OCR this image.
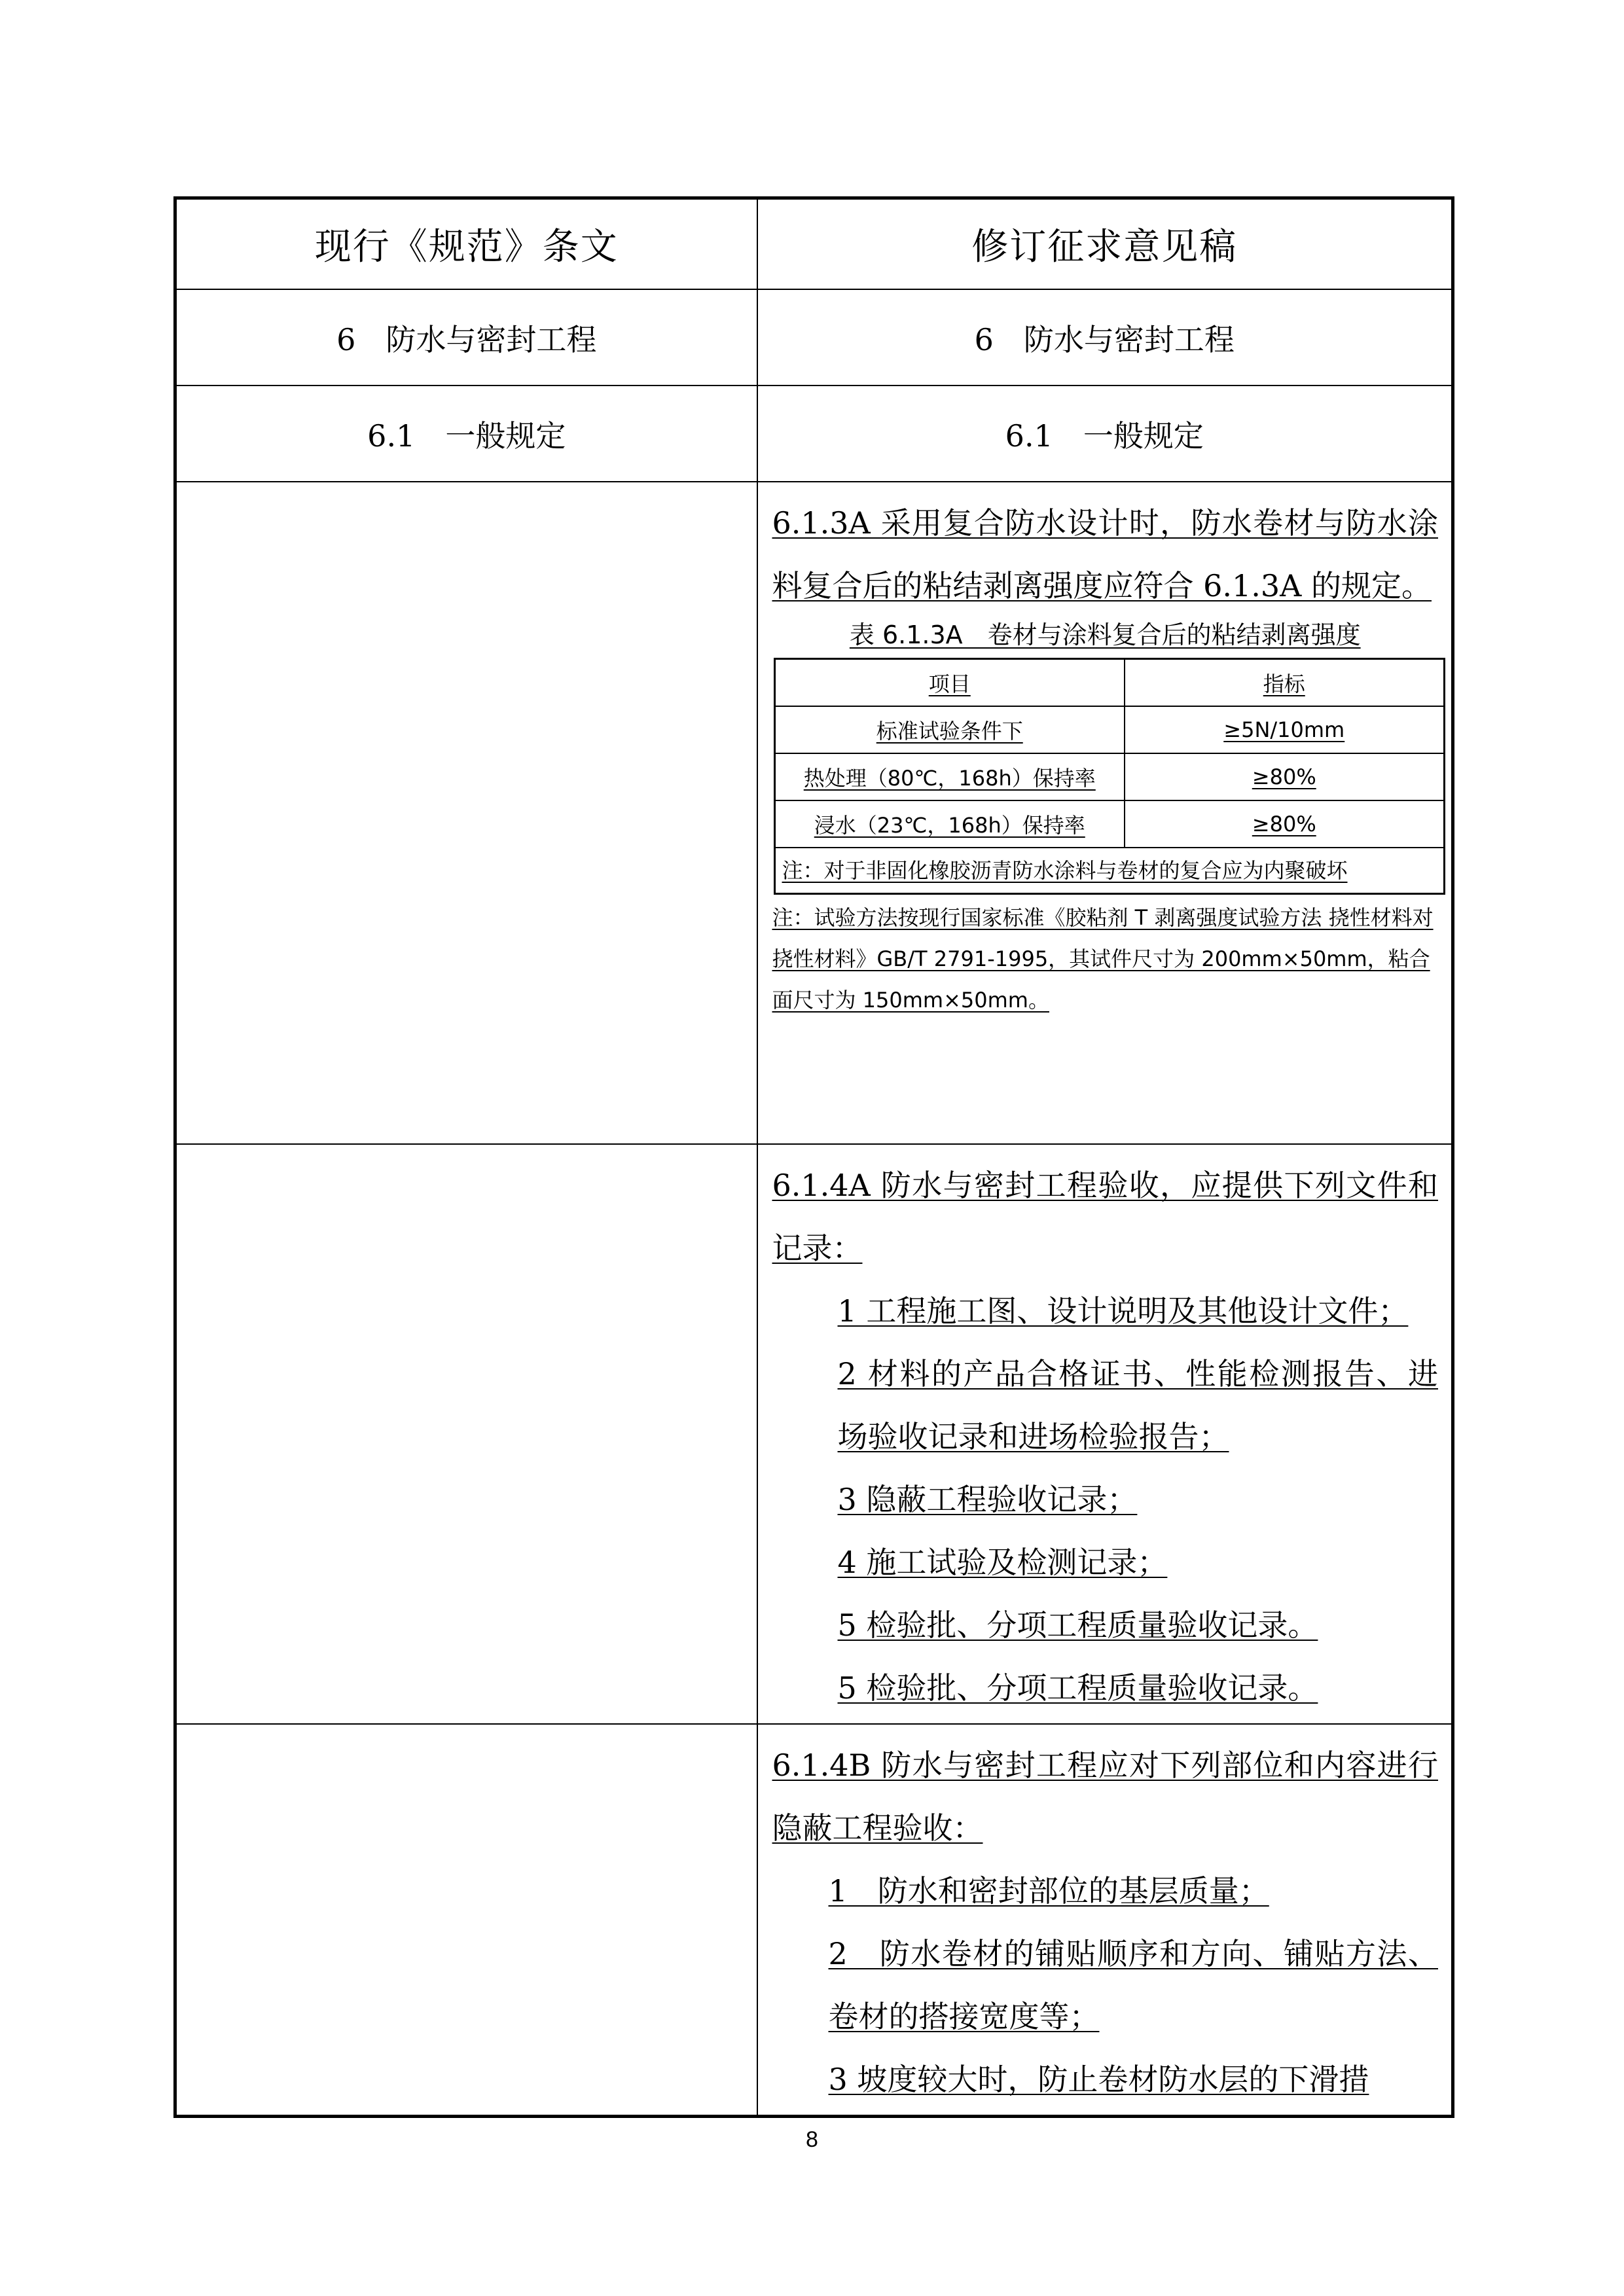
现行《规范》条文	修订征求意见稿
6　防水与密封工程	6　防水与密封工程
6.1　一般规定	6.1　一般规定

6.1.3A 采用复合防水设计时，防水卷材与防水涂料复合后的粘结剥离强度应符合 6.1.3A 的规定。

表 6.1.3A　卷材与涂料复合后的粘结剥离强度
项目	指标
标准试验条件下	≥5N/10mm
热处理（80℃，168h）保持率	≥80%
浸水（23℃，168h）保持率	≥80%
注：对于非固化橡胶沥青防水涂料与卷材的复合应为内聚破坏

注：试验方法按现行国家标准《胶粘剂 T 剥离强度试验方法 挠性材料对挠性材料》GB/T 2791-1995，其试件尺寸为 200mm×50mm，粘合面尺寸为 150mm×50mm。

6.1.4A 防水与密封工程验收，应提供下列文件和记录：

1 工程施工图、设计说明及其他设计文件；

2 材料的产品合格证书、性能检测报告、进场验收记录和进场检验报告；

3 隐蔽工程验收记录；

4 施工试验及检测记录；

5 检验批、分项工程质量验收记录。

5 检验批、分项工程质量验收记录。

6.1.4B 防水与密封工程应对下列部位和内容进行隐蔽工程验收：

1　防水和密封部位的基层质量；

2　防水卷材的铺贴顺序和方向、铺贴方法、卷材的搭接宽度等；

3 坡度较大时，防止卷材防水层的下滑措

8
